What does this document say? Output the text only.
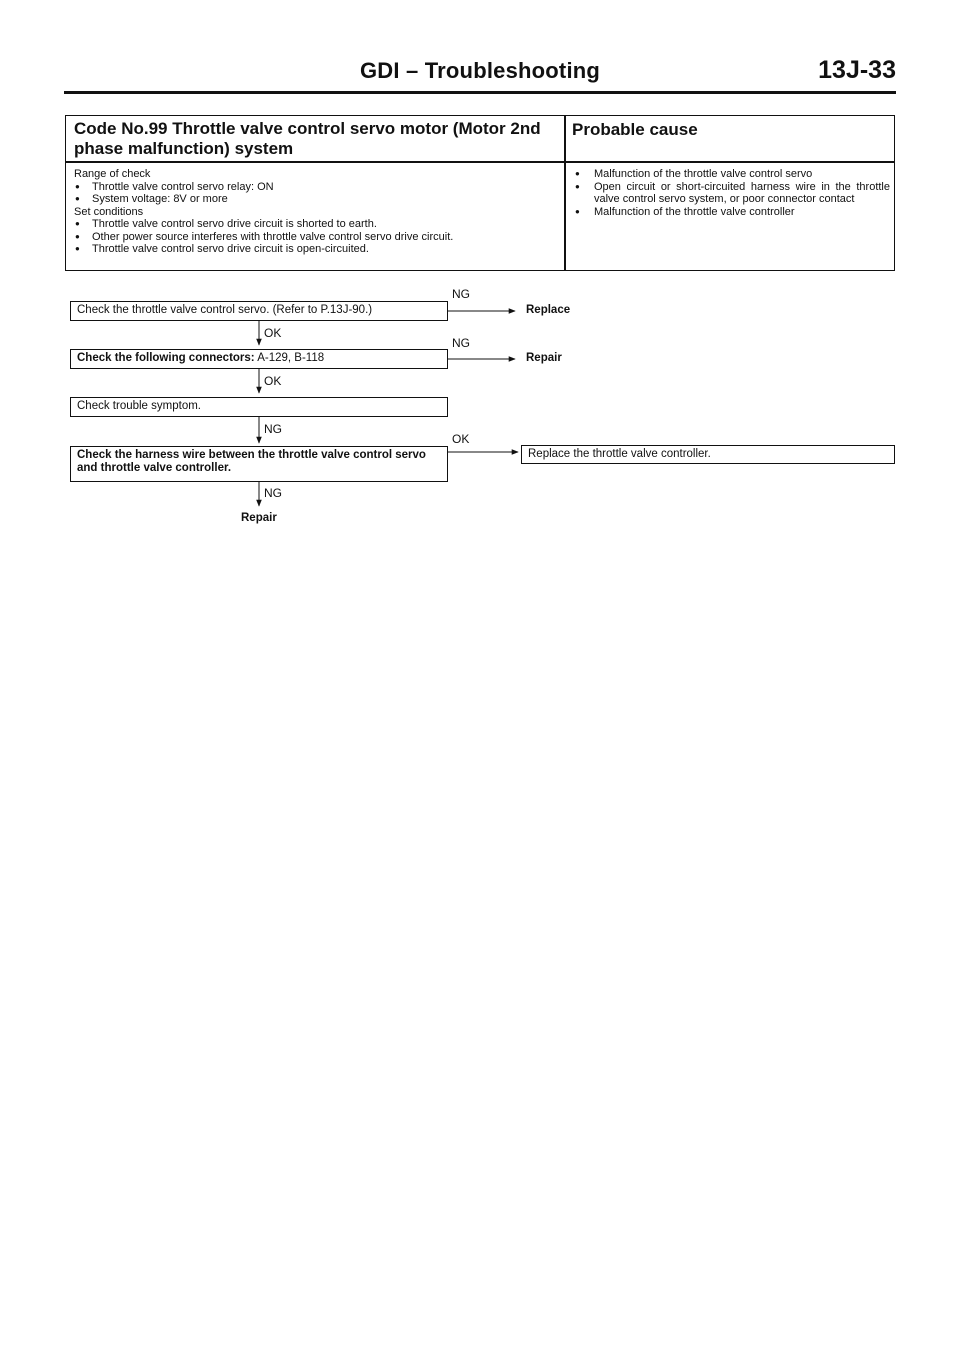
GDI – Troubleshooting	13J-33
Code No.99 Throttle valve control servo motor (Motor 2nd phase malfunction) system
Probable cause
Range of check
● Throttle valve control servo relay: ON
● System voltage: 8V or more
Set conditions
● Throttle valve control servo drive circuit is shorted to earth.
● Other power source interferes with throttle valve control servo drive circuit.
● Throttle valve control servo drive circuit is open-circuited.
● Malfunction of the throttle valve control servo
● Open circuit or short-circuited harness wire in the throttle valve control servo system, or poor connector contact
● Malfunction of the throttle valve controller
Check the throttle valve control servo. (Refer to P.13J-90.)
NG
Replace
OK
Check the following connectors: A-129, B-118
NG
Repair
OK
Check trouble symptom.
NG
Check the harness wire between the throttle valve control servo and throttle valve controller.
OK
Replace the throttle valve controller.
NG
Repair
